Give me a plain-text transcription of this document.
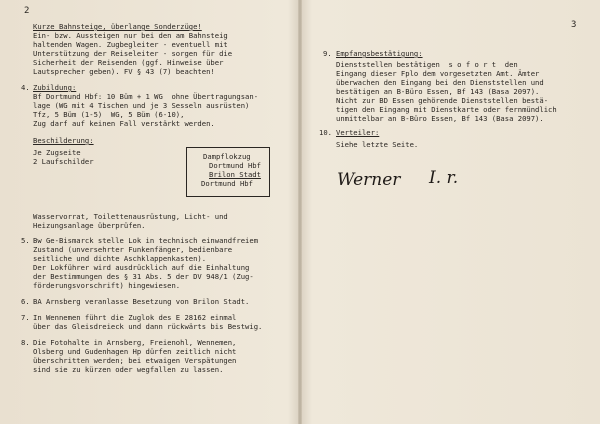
2
Kurze Bahnsteige, überlange Sonderzüge!
Ein- bzw. Aussteigen nur bei den am Bahnsteig
haltenden Wagen. Zugbegleiter - eventuell mit
Unterstützung der Reiseleiter - sorgen für die
Sicherheit der Reisenden (ggf. Hinweise über
Lautsprecher geben). FV § 43 (7) beachten!
4. Zubildung:
Bf Dortmund Hbf: 10 Büm + 1 WG  ohne Übertragungsan-
lage (WG mit 4 Tischen und je 3 Sesseln ausrüsten)
Tfz, 5 Büm (1-5)  WG, 5 Büm (6-10),
Zug darf auf keinen Fall verstärkt werden.
Beschilderung:
Je Zugseite
2 Laufschilder
Dampflokzug
Dortmund Hbf
Brilon Stadt
Dortmund Hbf
Wasservorrat, Toilettenausrüstung, Licht- und
Heizungsanlage überprüfen.
5. Bw Ge-Bismarck stelle Lok in technisch einwandfreiem
Zustand (unversehrter Funkenfänger, bedienbare
seitliche und dichte Aschklappenkasten).
Der Lokführer wird ausdrücklich auf die Einhaltung
der Bestimmungen des § 31 Abs. 5 der DV 948/1 (Zug-
förderungsvorschrift) hingewiesen.
6. BA Arnsberg veranlasse Besetzung von Brilon Stadt.
7. In Wennemen führt die Zuglok des E 28162 einmal
über das Gleisdreieck und dann rückwärts bis Bestwig.
8. Die Fotohalte in Arnsberg, Freienohl, Wennemen,
Olsberg und Gudenhagen Hp dürfen zeitlich nicht
überschritten werden; bei etwaigen Verspätungen
sind sie zu kürzen oder wegfallen zu lassen.
3
9. Empfangsbestätigung:
Dienststellen bestätigen  s o f o r t  den
Eingang dieser Fplo dem vorgesetzten Amt. Ämter
überwachen den Eingang bei den Dienststellen und
bestätigen an B-Büro Essen, Bf 143 (Basa 2097).
Nicht zur BD Essen gehörende Dienststellen bestä-
tigen den Eingang mit Dienstkarte oder fernmündlich
unmittelbar an B-Büro Essen, Bf 143 (Basa 2097).
10. Verteiler:
Siehe letzte Seite.
Werner I. r.
